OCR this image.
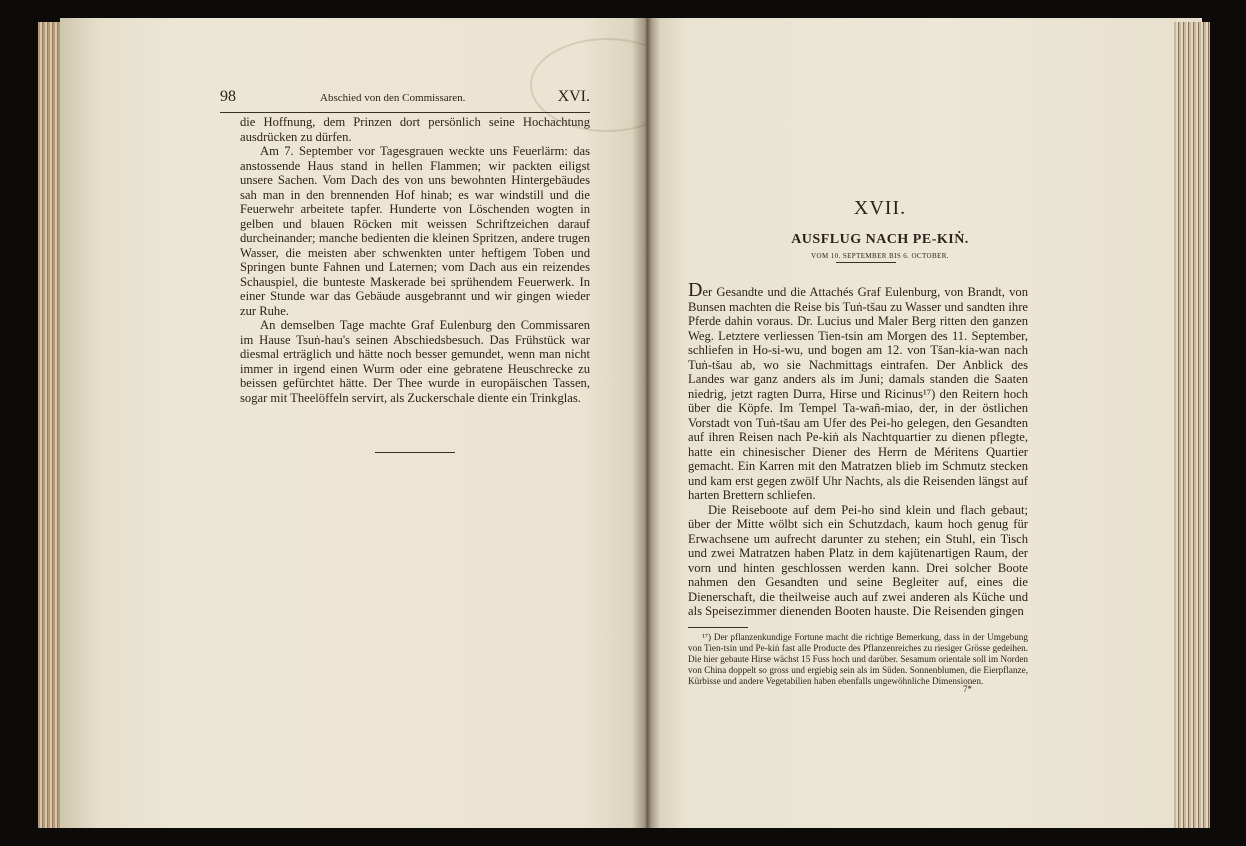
98	Abschied von den Commissaren.	XVI.

die Hoffnung, dem Prinzen dort persönlich seine Hochachtung ausdrücken zu dürfen.

Am 7. September vor Tagesgrauen weckte uns Feuerlärm: das anstossende Haus stand in hellen Flammen; wir packten eiligst unsere Sachen. Vom Dach des von uns bewohnten Hintergebäudes sah man in den brennenden Hof hinab; es war windstill und die Feuerwehr arbeitete tapfer. Hunderte von Löschenden wogten in gelben und blauen Röcken mit weissen Schriftzeichen darauf durcheinander; manche bedienten die kleinen Spritzen, andere trugen Wasser, die meisten aber schwenkten unter heftigem Toben und Springen bunte Fahnen und Laternen; vom Dach aus ein reizendes Schauspiel, die bunteste Maskerade bei sprühendem Feuerwerk. In einer Stunde war das Gebäude ausgebrannt und wir gingen wieder zur Ruhe.

An demselben Tage machte Graf Eulenburg den Commissaren im Hause Tsuṅ-hau's seinen Abschiedsbesuch. Das Frühstück war diesmal erträglich und hätte noch besser gemundet, wenn man nicht immer in irgend einen Wurm oder eine gebratene Heuschrecke zu beissen gefürchtet hätte. Der Thee wurde in europäischen Tassen, sogar mit Theelöffeln servirt, als Zuckerschale diente ein Trinkglas.

XVII.
AUSFLUG NACH PE-KIṄ.
VOM 10. SEPTEMBER BIS 6. OCTOBER.

Der Gesandte und die Attachés Graf Eulenburg, von Brandt, von Bunsen machten die Reise bis Tuṅ-tšau zu Wasser und sandten ihre Pferde dahin voraus. Dr. Lucius und Maler Berg ritten den ganzen Weg. Letztere verliessen Tien-tsin am Morgen des 11. September, schliefen in Ho-si-wu, und bogen am 12. von Tšan-kia-wan nach Tuṅ-tšau ab, wo sie Nachmittags eintrafen. Der Anblick des Landes war ganz anders als im Juni; damals standen die Saaten niedrig, jetzt ragten Durra, Hirse und Ricinus¹⁷) den Reitern hoch über die Köpfe. Im Tempel Ta-wañ-miao, der, in der östlichen Vorstadt von Tuṅ-tšau am Ufer des Pei-ho gelegen, den Gesandten auf ihren Reisen nach Pe-kiṅ als Nachtquartier zu dienen pflegte, hatte ein chinesischer Diener des Herrn de Méritens Quartier gemacht. Ein Karren mit den Matratzen blieb im Schmutz stecken und kam erst gegen zwölf Uhr Nachts, als die Reisenden längst auf harten Brettern schliefen.

Die Reiseboote auf dem Pei-ho sind klein und flach gebaut; über der Mitte wölbt sich ein Schutzdach, kaum hoch genug für Erwachsene um aufrecht darunter zu stehen; ein Stuhl, ein Tisch und zwei Matratzen haben Platz in dem kajütenartigen Raum, der vorn und hinten geschlossen werden kann. Drei solcher Boote nahmen den Gesandten und seine Begleiter auf, eines die Dienerschaft, die theilweise auch auf zwei anderen als Küche und als Speisezimmer dienenden Booten hauste. Die Reisenden gingen

¹⁷) Der pflanzenkundige Fortune macht die richtige Bemerkung, dass in der Umgebung von Tien-tsin und Pe-kiṅ fast alle Producte des Pflanzenreiches zu riesiger Grösse gedeihen. Die hier gebaute Hirse wächst 15 Fuss hoch und darüber. Sesamum orientale soll im Norden von China doppelt so gross und ergiebig sein als im Süden. Sonnenblumen, die Eierpflanze, Kürbisse und andere Vegetabilien haben ebenfalls ungewöhnliche Dimensionen.
7*
